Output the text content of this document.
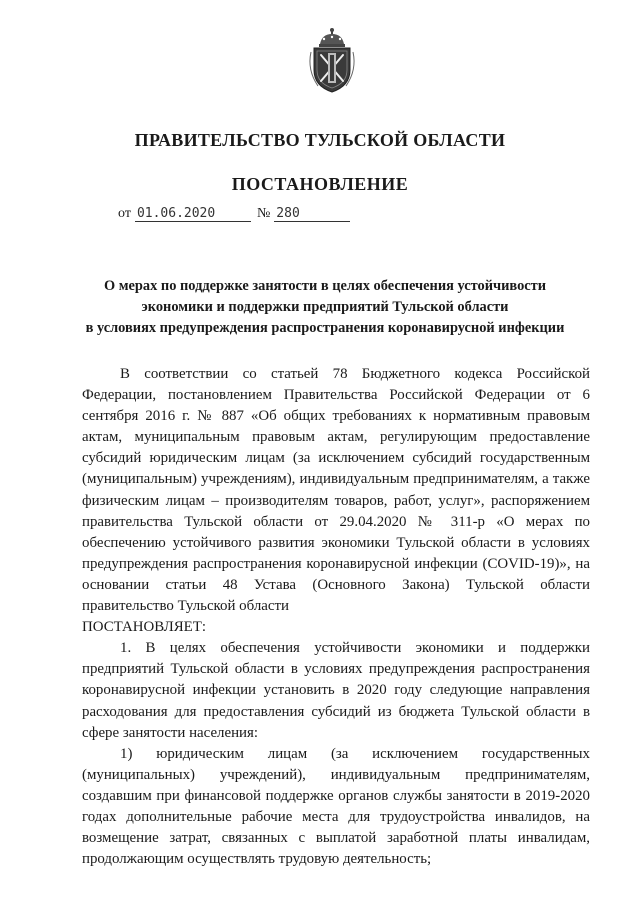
ПРАВИТЕЛЬСТВО ТУЛЬСКОЙ ОБЛАСТИ
ПОСТАНОВЛЕНИЕ
от 01.06.2020	№ 280
О мерах по поддержке занятости в целях обеспечения устойчивости
экономики и поддержки предприятий Тульской области
в условиях предупреждения распространения коронавирусной инфекции

В соответствии со статьей 78 Бюджетного кодекса Российской Федерации, постановлением Правительства Российской Федерации от 6 сентября 2016 г. № 887 «Об общих требованиях к нормативным правовым актам, муниципальным правовым актам, регулирующим предоставление субсидий юридическим лицам (за исключением субсидий государственным (муниципальным) учреждениям), индивидуальным предпринимателям, а также физическим лицам – производителям товаров, работ, услуг», распоряжением правительства Тульской области от 29.04.2020 № 311-р «О мерах по обеспечению устойчивого развития экономики Тульской области в условиях предупреждения распространения коронавирусной инфекции (COVID-19)», на основании статьи 48 Устава (Основного Закона) Тульской области правительство Тульской области

ПОСТАНОВЛЯЕТ:

1. В целях обеспечения устойчивости экономики и поддержки предприятий Тульской области в условиях предупреждения распространения коронавирусной инфекции установить в 2020 году следующие направления расходования для предоставления субсидий из бюджета Тульской области в сфере занятости населения:

1) юридическим лицам (за исключением государственных (муниципальных) учреждений), индивидуальным предпринимателям, создавшим при финансовой поддержке органов службы занятости в 2019-2020 годах дополнительные рабочие места для трудоустройства инвалидов, на возмещение затрат, связанных с выплатой заработной платы инвалидам, продолжающим осуществлять трудовую деятельность;
